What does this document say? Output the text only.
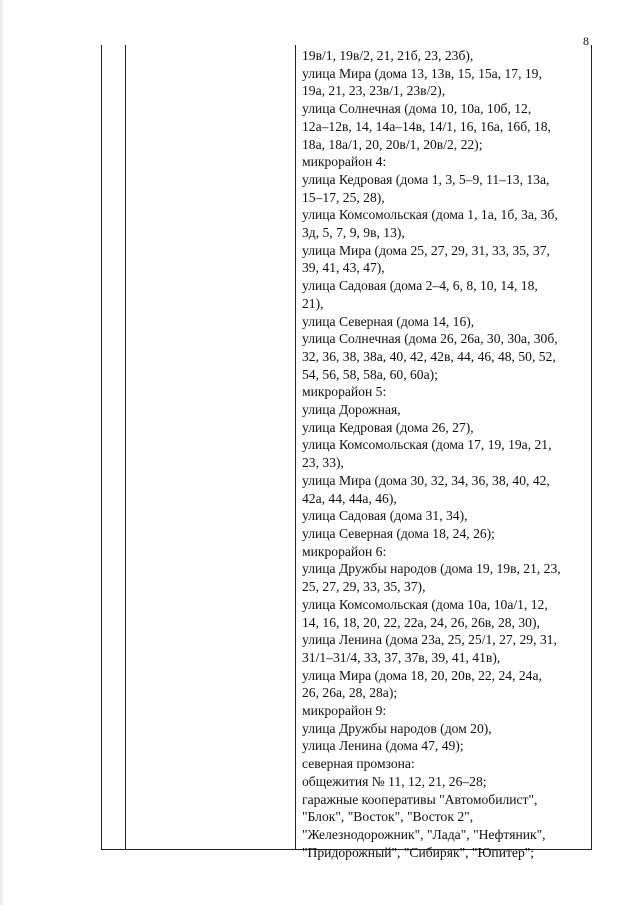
8
19в/1, 19в/2, 21, 21б, 23, 23б),
улица Мира (дома 13, 13в, 15, 15а, 17, 19,
19а, 21, 23, 23в/1, 23в/2),
улица Солнечная (дома 10, 10а, 10б, 12,
12а–12в, 14, 14а–14в, 14/1, 16, 16а, 16б, 18,
18а, 18а/1, 20, 20в/1, 20в/2, 22);
микрорайон 4:
улица Кедровая (дома 1, 3, 5–9, 11–13, 13а,
15–17, 25, 28),
улица Комсомольская (дома 1, 1а, 1б, 3а, 3б,
3д, 5, 7, 9, 9в, 13),
улица Мира (дома 25, 27, 29, 31, 33, 35, 37,
39, 41, 43, 47),
улица Садовая (дома 2–4, 6, 8, 10, 14, 18,
21),
улица Северная (дома 14, 16),
улица Солнечная (дома 26, 26а, 30, 30а, 30б,
32, 36, 38, 38а, 40, 42, 42в, 44, 46, 48, 50, 52,
54, 56, 58, 58а, 60, 60а);
микрорайон 5:
улица Дорожная,
улица Кедровая (дома 26, 27),
улица Комсомольская (дома 17, 19, 19а, 21,
23, 33),
улица Мира (дома 30, 32, 34, 36, 38, 40, 42,
42а, 44, 44а, 46),
улица Садовая (дома 31, 34),
улица Северная (дома 18, 24, 26);
микрорайон 6:
улица Дружбы народов (дома 19, 19в, 21, 23,
25, 27, 29, 33, 35, 37),
улица Комсомольская (дома 10а, 10а/1, 12,
14, 16, 18, 20, 22, 22а, 24, 26, 26в, 28, 30),
улица Ленина (дома 23а, 25, 25/1, 27, 29, 31,
31/1–31/4, 33, 37, 37в, 39, 41, 41в),
улица Мира (дома 18, 20, 20в, 22, 24, 24а,
26, 26а, 28, 28а);
микрорайон 9:
улица Дружбы народов (дом 20),
улица Ленина (дома 47, 49);
северная промзона:
общежития № 11, 12, 21, 26–28;
гаражные кооперативы "Автомобилист",
"Блок", "Восток", "Восток 2",
"Железнодорожник", "Лада", "Нефтяник",
"Придорожный", "Сибиряк", "Юпитер";
